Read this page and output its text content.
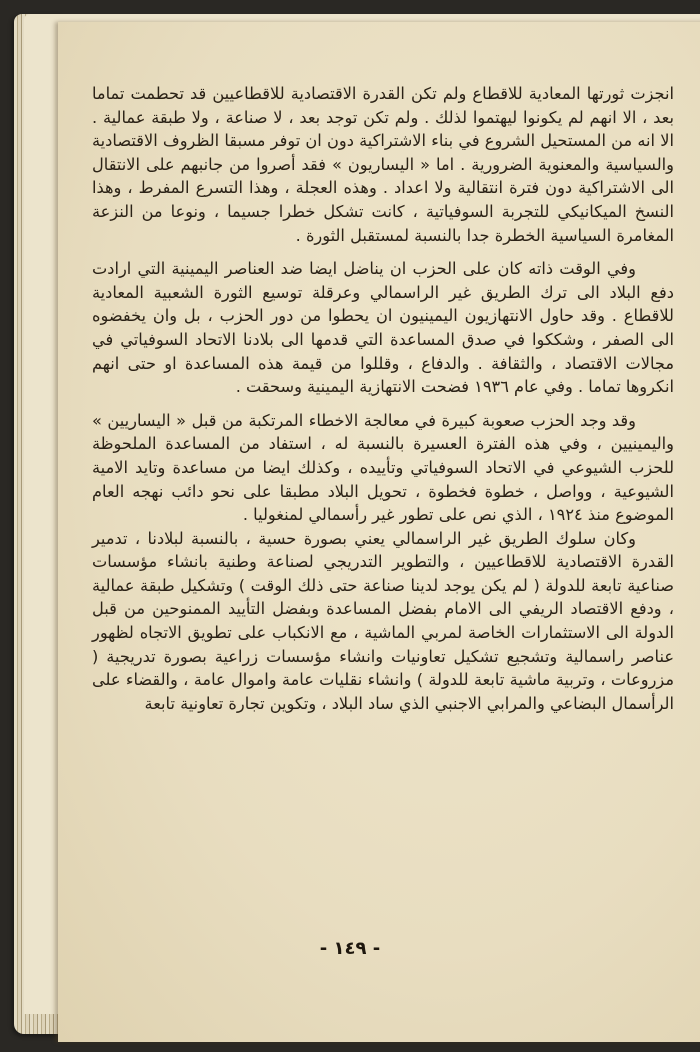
انجزت ثورتها المعادية للاقطاع ولم تكن القدرة الاقتصادية للاقطاعيين قد تحطمت تماما بعد ، الا انهم لم يكونوا ليهتموا لذلك . ولم تكن توجد بعد ، لا صناعة ، ولا طبقة عمالية . الا انه من المستحيل الشروع في بناء الاشتراكية دون ان توفر مسبقا الظروف الاقتصادية والسياسية والمعنوية الضرورية . اما « اليساريون » فقد أصروا من جانبهم على الانتقال الى الاشتراكية دون فترة انتقالية ولا اعداد . وهذه العجلة ، وهذا التسرع المفرط ، وهذا النسخ الميكانيكي للتجربة السوفياتية ، كانت تشكل خطرا جسيما ، ونوعا من النزعة المغامرة السياسية الخطرة جدا بالنسبة لمستقبل الثورة .

وفي الوقت ذاته كان على الحزب ان يناضل ايضا ضد العناصر اليمينية التي ارادت دفع البلاد الى ترك الطريق غير الراسمالي وعرقلة توسيع الثورة الشعبية المعادية للاقطاع . وقد حاول الانتهازيون اليمينيون ان يحطوا من دور الحزب ، بل وان يخفضوه الى الصفر ، وشككوا في صدق المساعدة التي قدمها الى بلادنا الاتحاد السوفياتي في مجالات الاقتصاد ، والثقافة . والدفاع ، وقللوا من قيمة هذه المساعدة او حتى انهم انكروها تماما . وفي عام ١٩٣٦ فضحت الانتهازية اليمينية وسحقت .

وقد وجد الحزب صعوبة كبيرة في معالجة الاخطاء المرتكبة من قبل « اليساريين » واليمينيين ، وفي هذه الفترة العسيرة بالنسبة له ، استفاد من المساعدة الملحوظة للحزب الشيوعي في الاتحاد السوفياتي وتأييده ، وكذلك ايضا من مساعدة وتايد الامية الشيوعية ، وواصل ، خطوة فخطوة ، تحويل البلاد مطبقا على نحو دائب نهجه العام الموضوع منذ ١٩٢٤ ، الذي نص على تطور غير رأسمالي لمنغوليا .

وكان سلوك الطريق غير الراسمالي يعني بصورة حسية ، بالنسبة لبلادنا ، تدمير القدرة الاقتصادية للاقطاعيين ، والتطوير التدريجي لصناعة وطنية بانشاء مؤسسات صناعية تابعة للدولة ( لم يكن يوجد لدينا صناعة حتى ذلك الوقت ) وتشكيل طبقة عمالية ، ودفع الاقتصاد الريفي الى الامام بفضل المساعدة وبفضل التأييد الممنوحين من قبل الدولة الى الاستثمارات الخاصة لمربي الماشية ، مع الانكباب على تطويق الاتجاه لظهور عناصر راسمالية وتشجيع تشكيل تعاونيات وانشاء مؤسسات زراعية بصورة تدريجية ( مزروعات ، وتربية ماشية تابعة للدولة ) وانشاء نقليات عامة واموال عامة ، والقضاء على الرأسمال البضاعي والمرابي الاجنبي الذي ساد البلاد ، وتكوين تجارة تعاونية تابعة

- ١٤٩ -
